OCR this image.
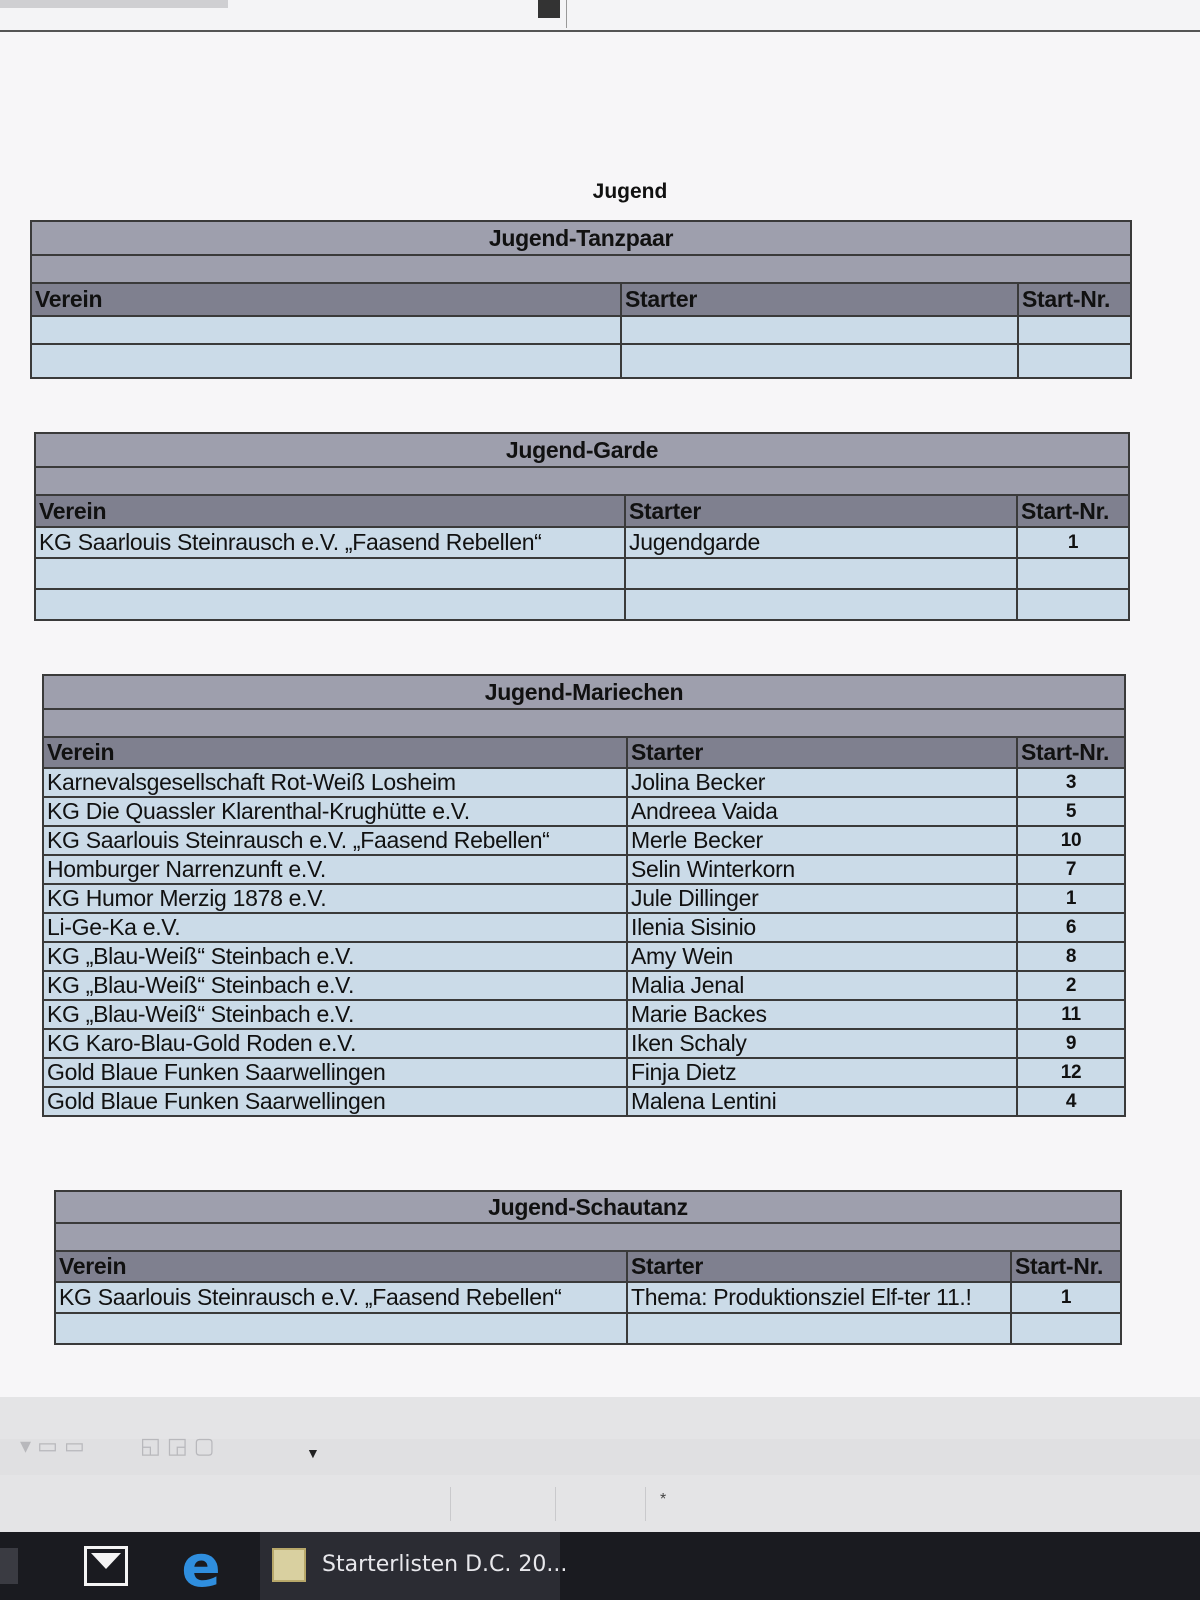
Jugend
Jugend-Tanzpaar		

Verein	Starter	Start-Nr.

Jugend-Garde		

Verein	Starter	Start-Nr.
KG Saarlouis Steinrausch e.V. „Faasend Rebellen“	Jugendgarde	1

Jugend-Mariechen		

Verein	Starter	Start-Nr.
Karnevalsgesellschaft Rot-Weiß Losheim	Jolina Becker	3
KG Die Quassler Klarenthal-Krughütte e.V.	Andreea Vaida	5
KG Saarlouis Steinrausch e.V. „Faasend Rebellen“	Merle Becker	10
Homburger Narrenzunft e.V.	Selin Winterkorn	7
KG Humor Merzig 1878 e.V.	Jule Dillinger	1
Li-Ge-Ka e.V.	Ilenia Sisinio	6
KG „Blau-Weiß“ Steinbach e.V.	Amy Wein	8
KG „Blau-Weiß“ Steinbach e.V.	Malia Jenal	2
KG „Blau-Weiß“ Steinbach e.V.	Marie Backes	11
KG Karo-Blau-Gold Roden e.V.	Iken Schaly	9
Gold Blaue Funken Saarwellingen	Finja Dietz	12
Gold Blaue Funken Saarwellingen	Malena Lentini	4
Jugend-Schautanz		

Verein	Starter	Start-Nr.
KG Saarlouis Steinrausch e.V. „Faasend Rebellen“	Thema: Produktionsziel Elf-ter 11.!	1

▾ ▭ ▭	◱ ◲ ▢	▼
*
e	Starterlisten D.C. 20...
